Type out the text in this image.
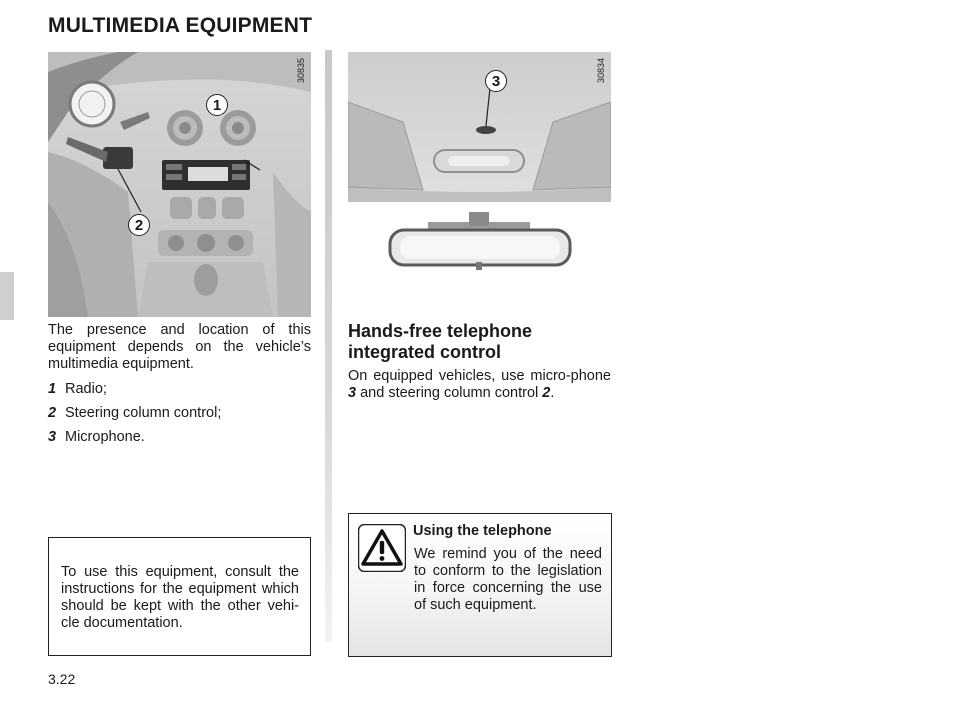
MULTIMEDIA EQUIPMENT
30835
1
2
30834
3

The presence and location of this equipment depends on the vehicle’s multimedia equipment.

1 Radio;
2 Steering column control;
3 Microphone.
Hands-free telephone
integrated control

On equipped vehicles, use micro-phone 3 and steering column control 2.

To use this equipment, consult the instructions for the equipment which should be kept with the other vehi-cle documentation.

Using the telephone

We remind you of the need to conform to the legislation in force concerning the use of such equipment.

3.22
